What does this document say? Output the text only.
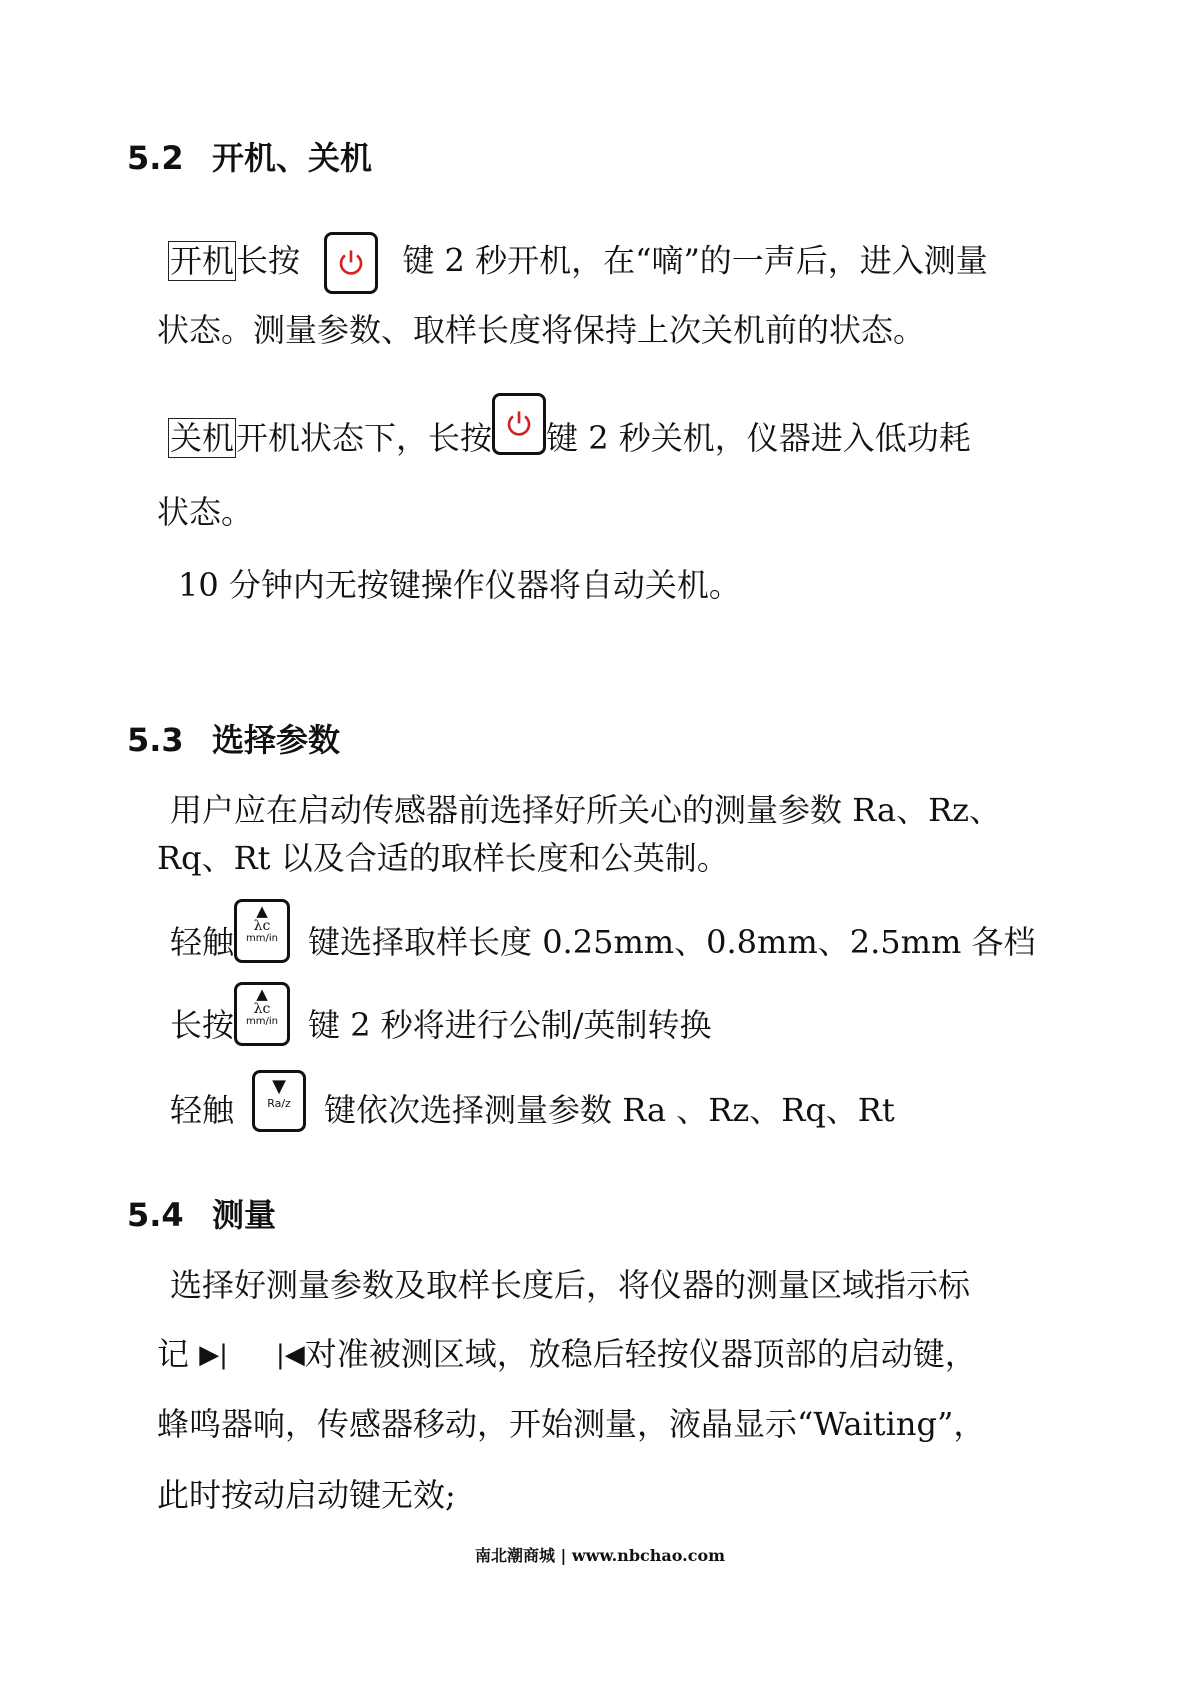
5.2 开机、关机
开机长按	键 2 秒开机，在“嘀”的一声后，进入测量
状态。测量参数、取样长度将保持上次关机前的状态。
关机开机状态下，长按 键 2 秒关机，仪器进入低功耗
状态。
10 分钟内无按键操作仪器将自动关机。
5.3 选择参数
用户应在启动传感器前选择好所关心的测量参数 Ra、Rz、
Rq、Rt 以及合适的取样长度和公英制。
轻触
▲
λc
mm/in 键选择取样长度 0.25mm、0.8mm、2.5mm 各档
长按
▲
λc
mm/in 键 2 秒将进行公制/英制转换
轻触
▼
Ra/z	键依次选择测量参数 Ra 、Rz、Rq、Rt
5.4 测量
选择好测量参数及取样长度后，将仪器的测量区域指示标
记 ▶| |◀对准被测区域，放稳后轻按仪器顶部的启动键，
蜂鸣器响，传感器移动，开始测量，液晶显示“Waiting”，
此时按动启动键无效;
南北潮商城 | www.nbchao.com
